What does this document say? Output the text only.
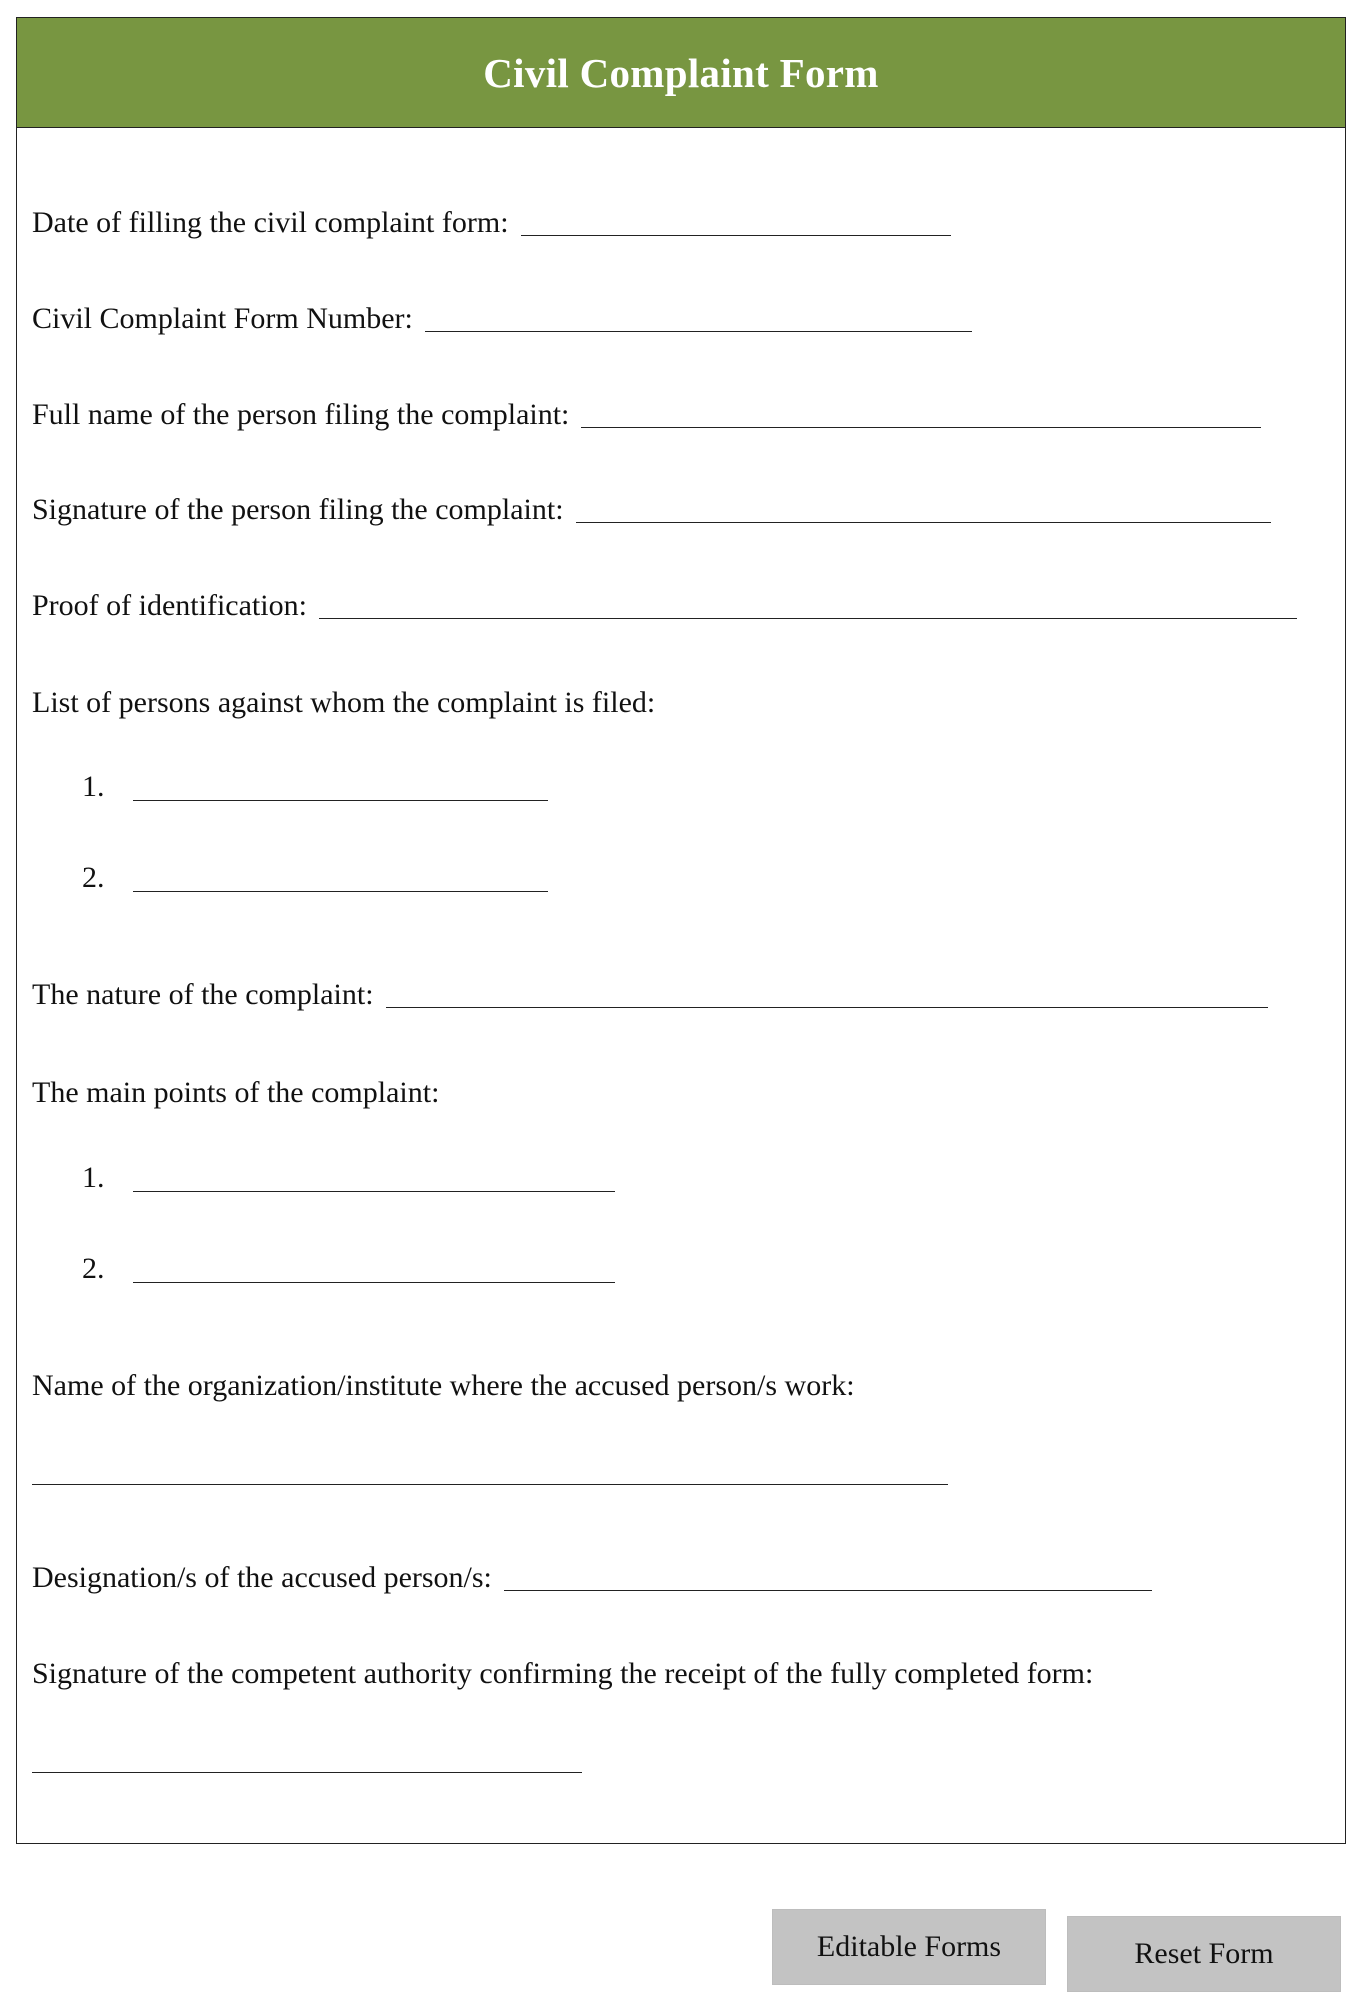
Civil Complaint Form
Date of filling the civil complaint form:
Civil Complaint Form Number:
Full name of the person filing the complaint:
Signature of the person filing the complaint:
Proof of identification:
List of persons against whom the complaint is filed:
1.
2.
The nature of the complaint:
The main points of the complaint:
1.
2.
Name of the organization/institute where the accused person/s work:
Designation/s of the accused person/s:
Signature of the competent authority confirming the receipt of the fully completed form:
Editable Forms	Reset Form
